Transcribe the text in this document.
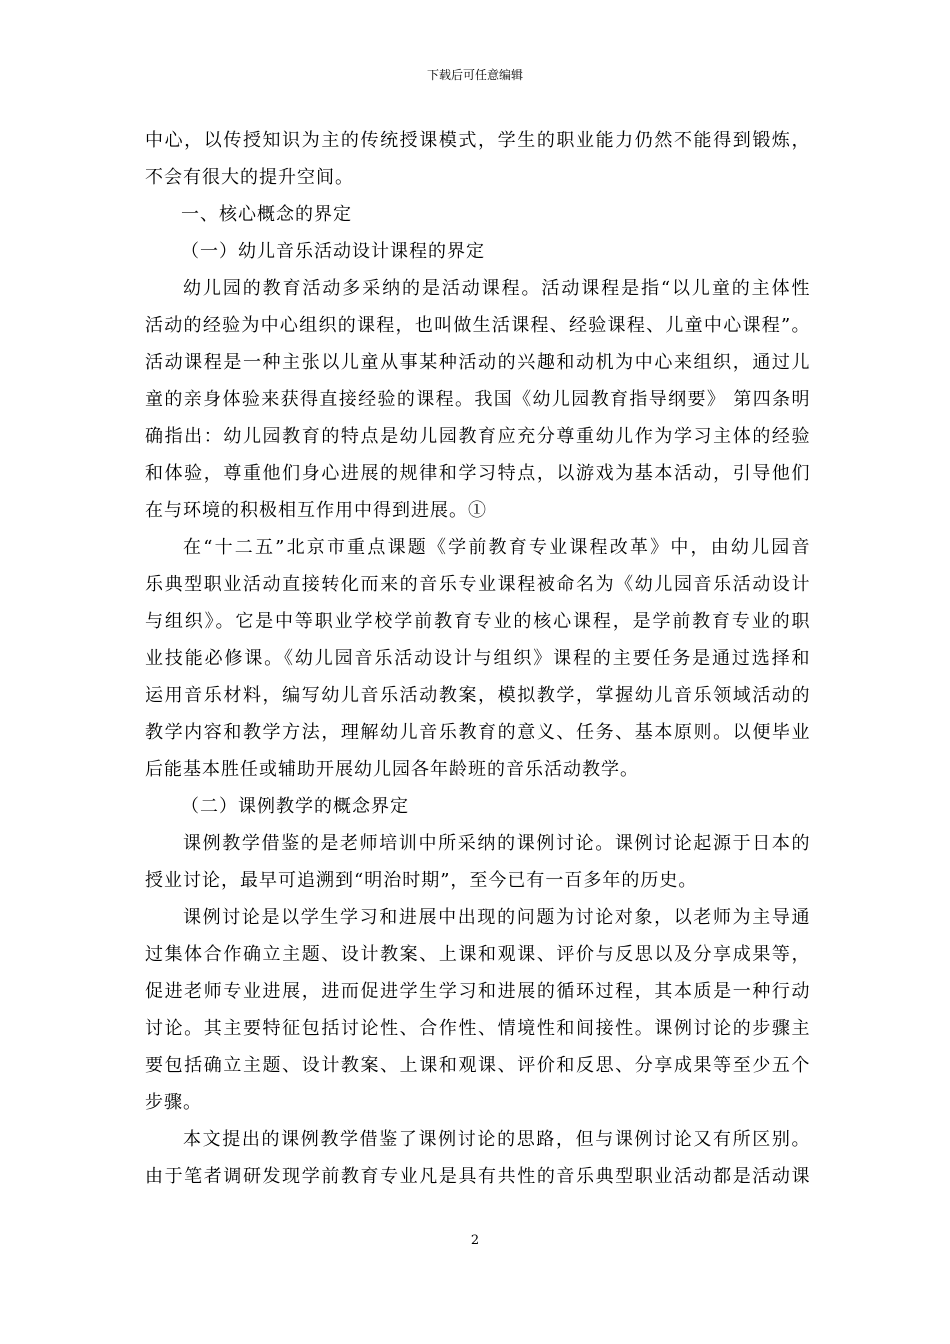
下载后可任意编辑
中心，以传授知识为主的传统授课模式，学生的职业能力仍然不能得到锻炼，
不会有很大的提升空间。
一、核心概念的界定
（一）幼儿音乐活动设计课程的界定
幼儿园的教育活动多采纳的是活动课程。活动课程是指“以儿童的主体性
活动的经验为中心组织的课程，也叫做生活课程、经验课程、儿童中心课程”。
活动课程是一种主张以儿童从事某种活动的兴趣和动机为中心来组织，通过儿
童的亲身体验来获得直接经验的课程。我国《幼儿园教育指导纲要》 第四条明
确指出：幼儿园教育的特点是幼儿园教育应充分尊重幼儿作为学习主体的经验
和体验，尊重他们身心进展的规律和学习特点，以游戏为基本活动，引导他们
在与环境的积极相互作用中得到进展。①
在“十二五”北京市重点课题《学前教育专业课程改革》中，由幼儿园音
乐典型职业活动直接转化而来的音乐专业课程被命名为《幼儿园音乐活动设计
与组织》。它是中等职业学校学前教育专业的核心课程，是学前教育专业的职
业技能必修课。《幼儿园音乐活动设计与组织》课程的主要任务是通过选择和
运用音乐材料，编写幼儿音乐活动教案，模拟教学，掌握幼儿音乐领域活动的
教学内容和教学方法，理解幼儿音乐教育的意义、任务、基本原则。以便毕业
后能基本胜任或辅助开展幼儿园各年龄班的音乐活动教学。
（二）课例教学的概念界定
课例教学借鉴的是老师培训中所采纳的课例讨论。课例讨论起源于日本的
授业讨论，最早可追溯到“明治时期”，至今已有一百多年的历史。
课例讨论是以学生学习和进展中出现的问题为讨论对象，以老师为主导通
过集体合作确立主题、设计教案、上课和观课、评价与反思以及分享成果等，
促进老师专业进展，进而促进学生学习和进展的循环过程，其本质是一种行动
讨论。其主要特征包括讨论性、合作性、情境性和间接性。课例讨论的步骤主
要包括确立主题、设计教案、上课和观课、评价和反思、分享成果等至少五个
步骤。
本文提出的课例教学借鉴了课例讨论的思路，但与课例讨论又有所区别。
由于笔者调研发现学前教育专业凡是具有共性的音乐典型职业活动都是活动课
2
